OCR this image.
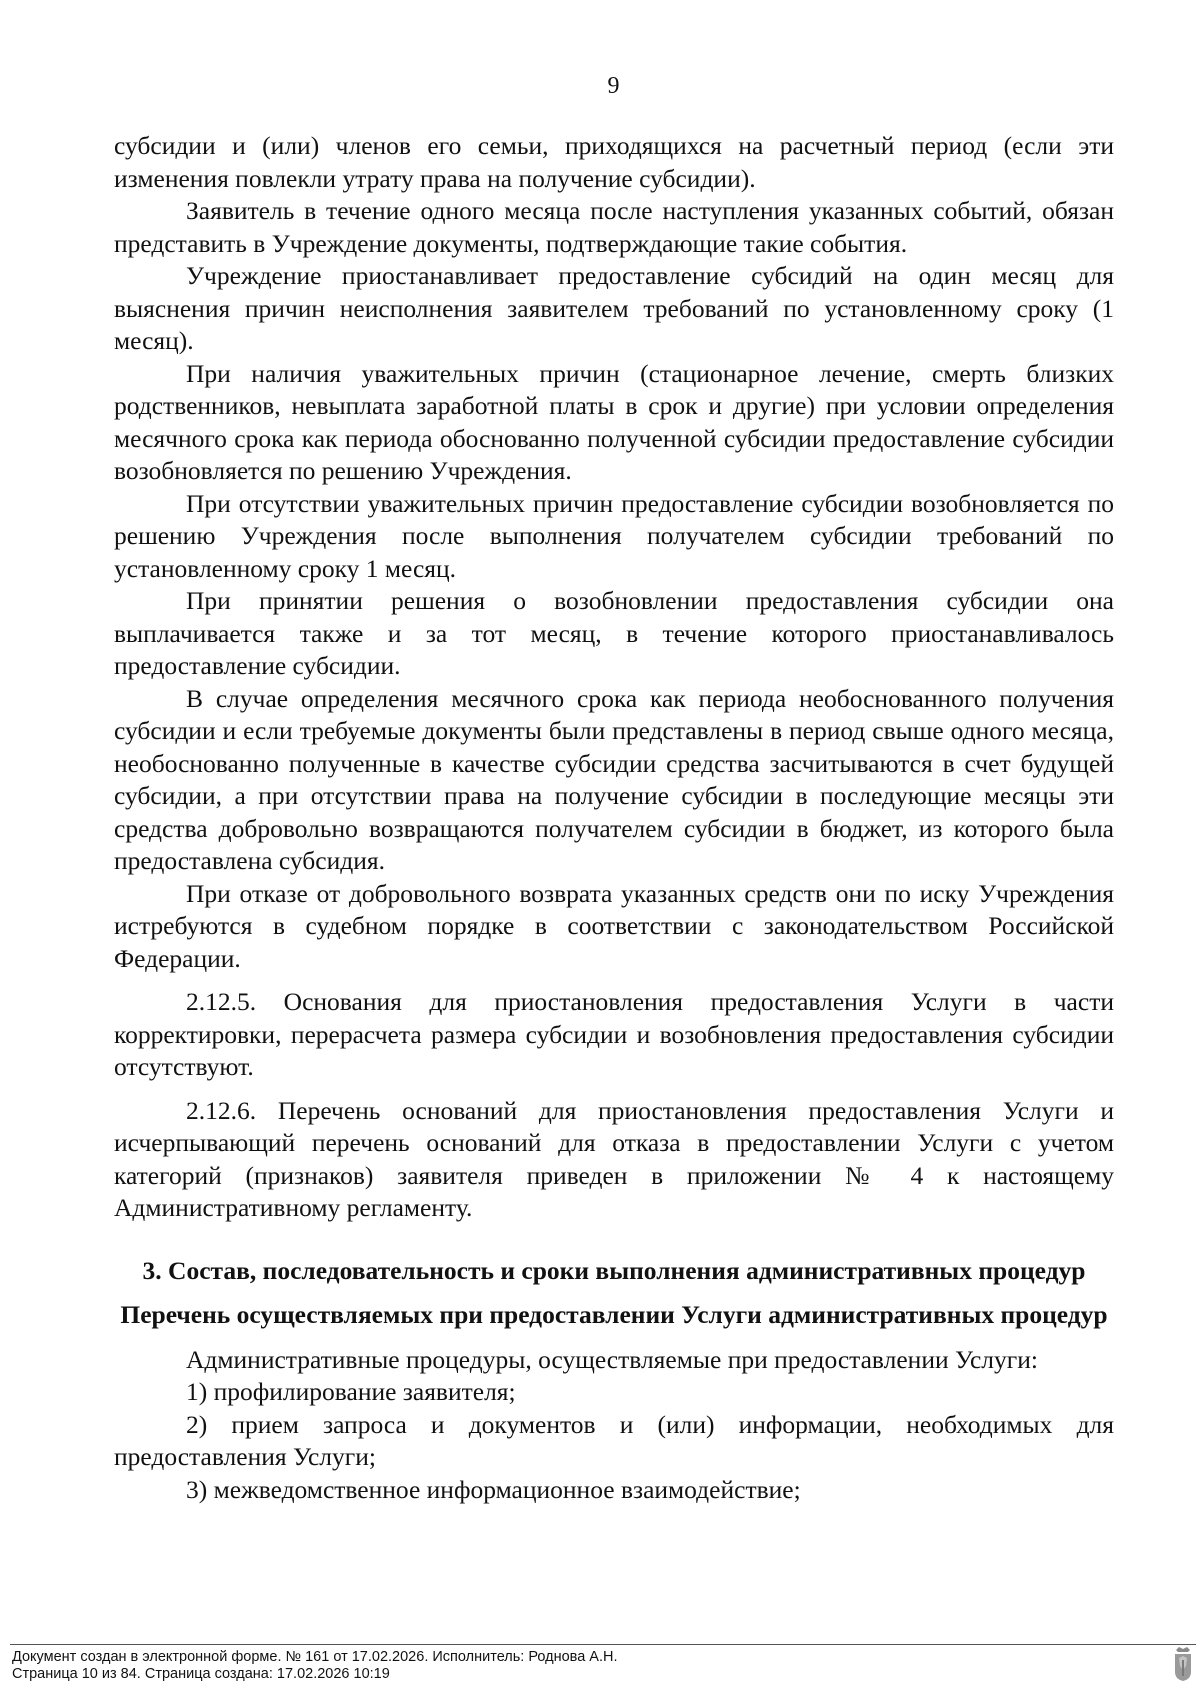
9

субсидии и (или) членов его семьи, приходящихся на расчетный период (если эти изменения повлекли утрату права на получение субсидии).

Заявитель в течение одного месяца после наступления указанных событий, обязан представить в Учреждение документы, подтверждающие такие события.

Учреждение приостанавливает предоставление субсидий на один месяц для выяснения причин неисполнения заявителем требований по установленному сроку (1 месяц).

При наличия уважительных причин (стационарное лечение, смерть близких родственников, невыплата заработной платы в срок и другие) при условии определения месячного срока как периода обоснованно полученной субсидии предоставление субсидии возобновляется по решению Учреждения.

При отсутствии уважительных причин предоставление субсидии возобновляется по решению Учреждения после выполнения получателем субсидии требований по установленному сроку 1 месяц.

При принятии решения о возобновлении предоставления субсидии она выплачивается также и за тот месяц, в течение которого приостанавливалось предоставление субсидии.

В случае определения месячного срока как периода необоснованного получения субсидии и если требуемые документы были представлены в период свыше одного месяца, необоснованно полученные в качестве субсидии средства засчитываются в счет будущей субсидии, а при отсутствии права на получение субсидии в последующие месяцы эти средства добровольно возвращаются получателем субсидии в бюджет, из которого была предоставлена субсидия.

При отказе от добровольного возврата указанных средств они по иску Учреждения истребуются в судебном порядке в соответствии с законодательством Российской Федерации.

2.12.5. Основания для приостановления предоставления Услуги в части корректировки, перерасчета размера субсидии и возобновления предоставления субсидии отсутствуют.

2.12.6. Перечень оснований для приостановления предоставления Услуги и исчерпывающий перечень оснований для отказа в предоставлении Услуги с учетом категорий (признаков) заявителя приведен в приложении № 4 к настоящему Административному регламенту.

3. Состав, последовательность и сроки выполнения административных процедур

Перечень осуществляемых при предоставлении Услуги административных процедур

Административные процедуры, осуществляемые при предоставлении Услуги:

1) профилирование заявителя;

2) прием запроса и документов и (или) информации, необходимых для предоставления Услуги;

3) межведомственное информационное взаимодействие;

Документ создан в электронной форме. № 161 от 17.02.2026. Исполнитель: Роднова А.Н.
Страница 10 из 84. Страница создана: 17.02.2026 10:19
